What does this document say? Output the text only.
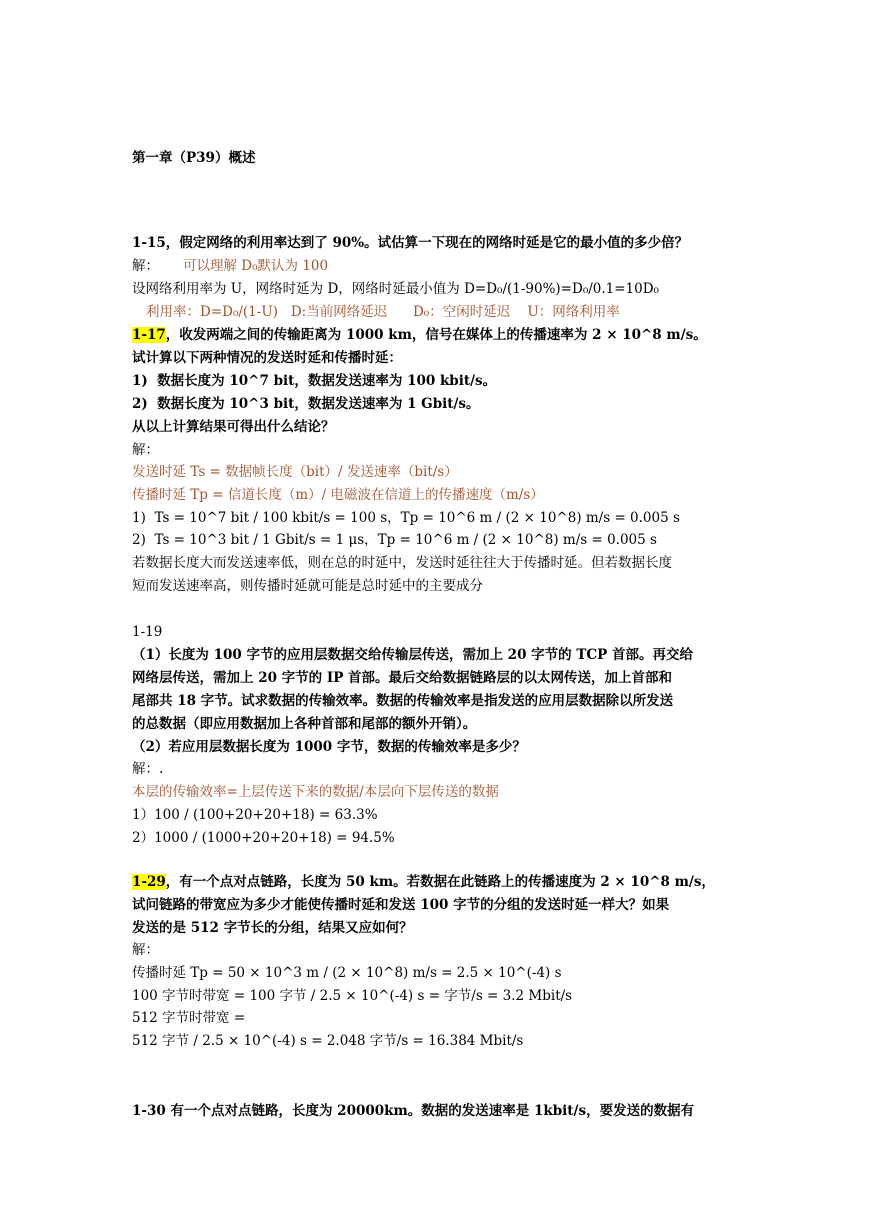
第一章（P39）概述
1-15，假定网络的利用率达到了 90%。试估算一下现在的网络时延是它的最小值的多少倍？
解： 可以理解 D₀默认为 100
设网络利用率为 U，网络时延为 D，网络时延最小值为 D=D₀/(1-90%)=D₀/0.1=10D₀
利用率：D=D₀/(1-U)   D:当前网络延迟      D₀：空闲时延迟    U：网络利用率
1-17，收发两端之间的传输距离为 1000 km，信号在媒体上的传播速率为 2 × 10^8 m/s。
试计算以下两种情况的发送时延和传播时延：
1)  数据长度为 10^7 bit，数据发送速率为 100 kbit/s。
2)  数据长度为 10^3 bit，数据发送速率为 1 Gbit/s。
从以上计算结果可得出什么结论？
解：
发送时延 Ts = 数据帧长度（bit）/ 发送速率（bit/s）
传播时延 Tp = 信道长度（m）/ 电磁波在信道上的传播速度（m/s）
1)  Ts = 10^7 bit / 100 kbit/s = 100 s，Tp = 10^6 m / (2 × 10^8) m/s = 0.005 s
2)  Ts = 10^3 bit / 1 Gbit/s = 1 μs，Tp = 10^6 m / (2 × 10^8) m/s = 0.005 s
若数据长度大而发送速率低，则在总的时延中，发送时延往往大于传播时延。但若数据长度
短而发送速率高，则传播时延就可能是总时延中的主要成分
1-19
（1）长度为 100 字节的应用层数据交给传输层传送，需加上 20 字节的 TCP 首部。再交给
网络层传送，需加上 20 字节的 IP 首部。最后交给数据链路层的以太网传送，加上首部和
尾部共 18 字节。试求数据的传输效率。数据的传输效率是指发送的应用层数据除以所发送
的总数据（即应用数据加上各种首部和尾部的额外开销）。
（2）若应用层数据长度为 1000 字节，数据的传输效率是多少？
解：.
本层的传输效率=上层传送下来的数据/本层向下层传送的数据
1）100 / (100+20+20+18) = 63.3%
2）1000 / (1000+20+20+18) = 94.5%
1-29，有一个点对点链路，长度为 50 km。若数据在此链路上的传播速度为 2 × 10^8 m/s，
试问链路的带宽应为多少才能使传播时延和发送 100 字节的分组的发送时延一样大？如果
发送的是 512 字节长的分组，结果又应如何？
解：
传播时延 Tp = 50 × 10^3 m / (2 × 10^8) m/s = 2.5 × 10^(-4) s
100 字节时带宽 = 100 字节 / 2.5 × 10^(-4) s = 字节/s = 3.2 Mbit/s
512 字节时带宽 =
512 字节 / 2.5 × 10^(-4) s = 2.048 字节/s = 16.384 Mbit/s
1-30 有一个点对点链路，长度为 20000km。数据的发送速率是 1kbit/s，要发送的数据有
